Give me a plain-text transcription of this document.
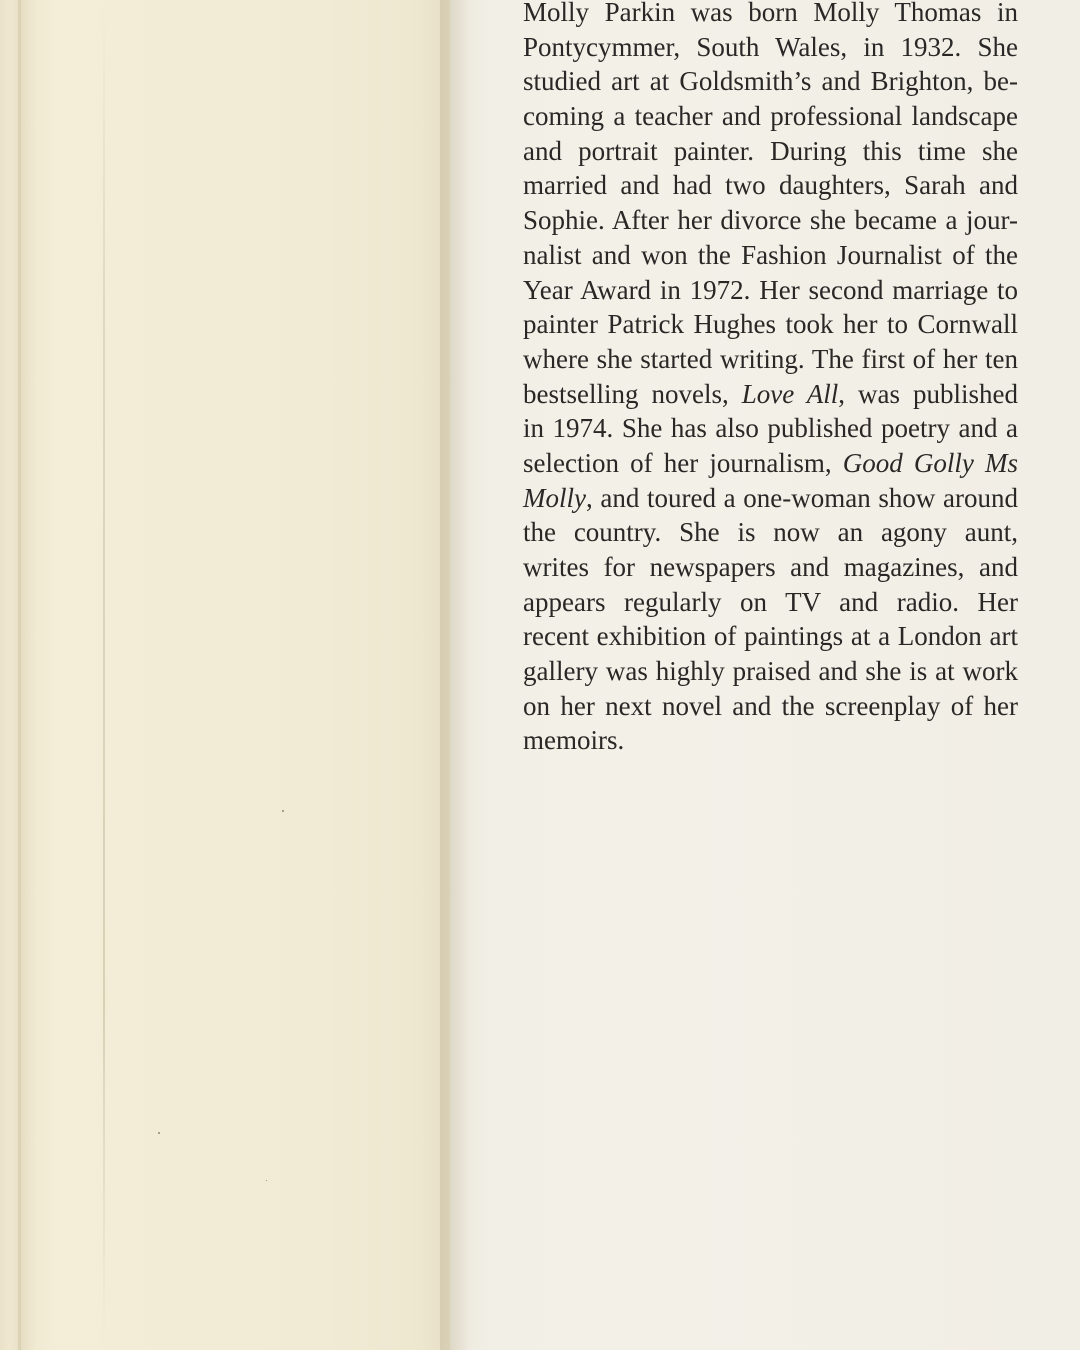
Molly Parkin was born Molly Thomas in
Pontycymmer, South Wales, in 1932. She
studied art at Goldsmith’s and Brighton, be-
coming a teacher and professional landscape
and portrait painter. During this time she
married and had two daughters, Sarah and
Sophie. After her divorce she became a jour-
nalist and won the Fashion Journalist of the
Year Award in 1972. Her second marriage to
painter Patrick Hughes took her to Cornwall
where she started writing. The first of her ten
bestselling novels, Love All, was published
in 1974. She has also published poetry and a
selection of her journalism, Good Golly Ms
Molly, and toured a one-woman show around
the country. She is now an agony aunt,
writes for newspapers and magazines, and
appears regularly on TV and radio. Her
recent exhibition of paintings at a London art
gallery was highly praised and she is at work
on her next novel and the screenplay of her
memoirs.
